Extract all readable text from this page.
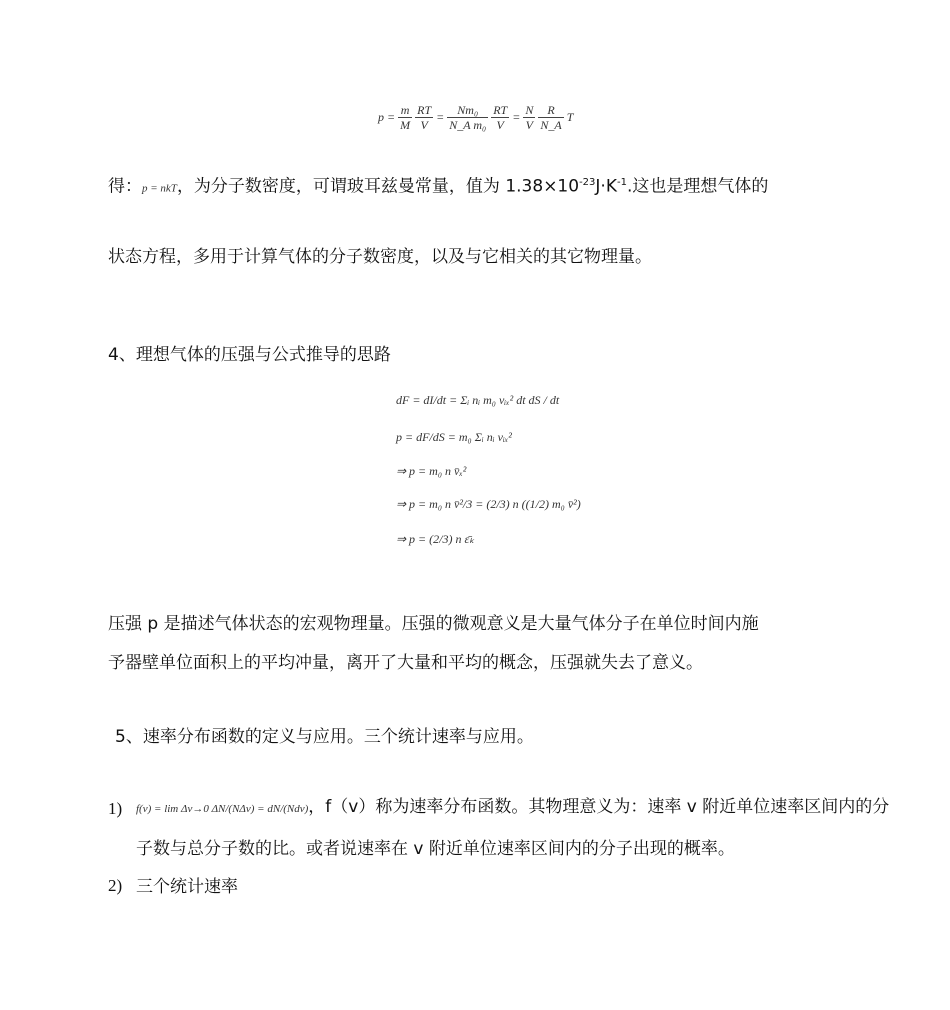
$p = \frac{m}{M}$
$\frac{RT}{V} = \frac{\text{Nm₀}}{\text{N\_A m₀}}$
$\frac{RT}{V} = \frac{N}{V}$
$\frac{R}{N\_A}$ T
得：p = nkT，为分子数密度，可谓玻耳兹曼常量，值为 $1.38\times 10^{-23}J\cdot K^{-1}$.这也是理想气体的
状态方程，多用于计算气体的分子数密度，以及与它相关的其它物理量。
4、理想气体的压强与公式推导的思路
dF = dI/dt = Σᵢ nᵢ m₀ vᵢₓ² dt dS / dt
p = dF/dS = m₀ Σᵢ nᵢ vᵢₓ²
⇒ p = m₀ n v̄ₓ²
⇒ p = m₀ n v̄²/3 = (2/3) n ((1/2) m₀ v̄²)
⇒ p = (2/3) n ε̄ₖ
压强 p 是描述气体状态的宏观物理量。压强的微观意义是大量气体分子在单位时间内施
予器壁单位面积上的平均冲量，离开了大量和平均的概念，压强就失去了意义。
5、速率分布函数的定义与应用。三个统计速率与应用。
1) f(v) = lim Δv→0 ΔN/(NΔv) = dN/(Ndv)，f（v）称为速率分布函数。其物理意义为：速率 v 附近单位速率区间内的分
子数与总分子数的比。或者说速率在 v 附近单位速率区间内的分子出现的概率。
2) 三个统计速率
